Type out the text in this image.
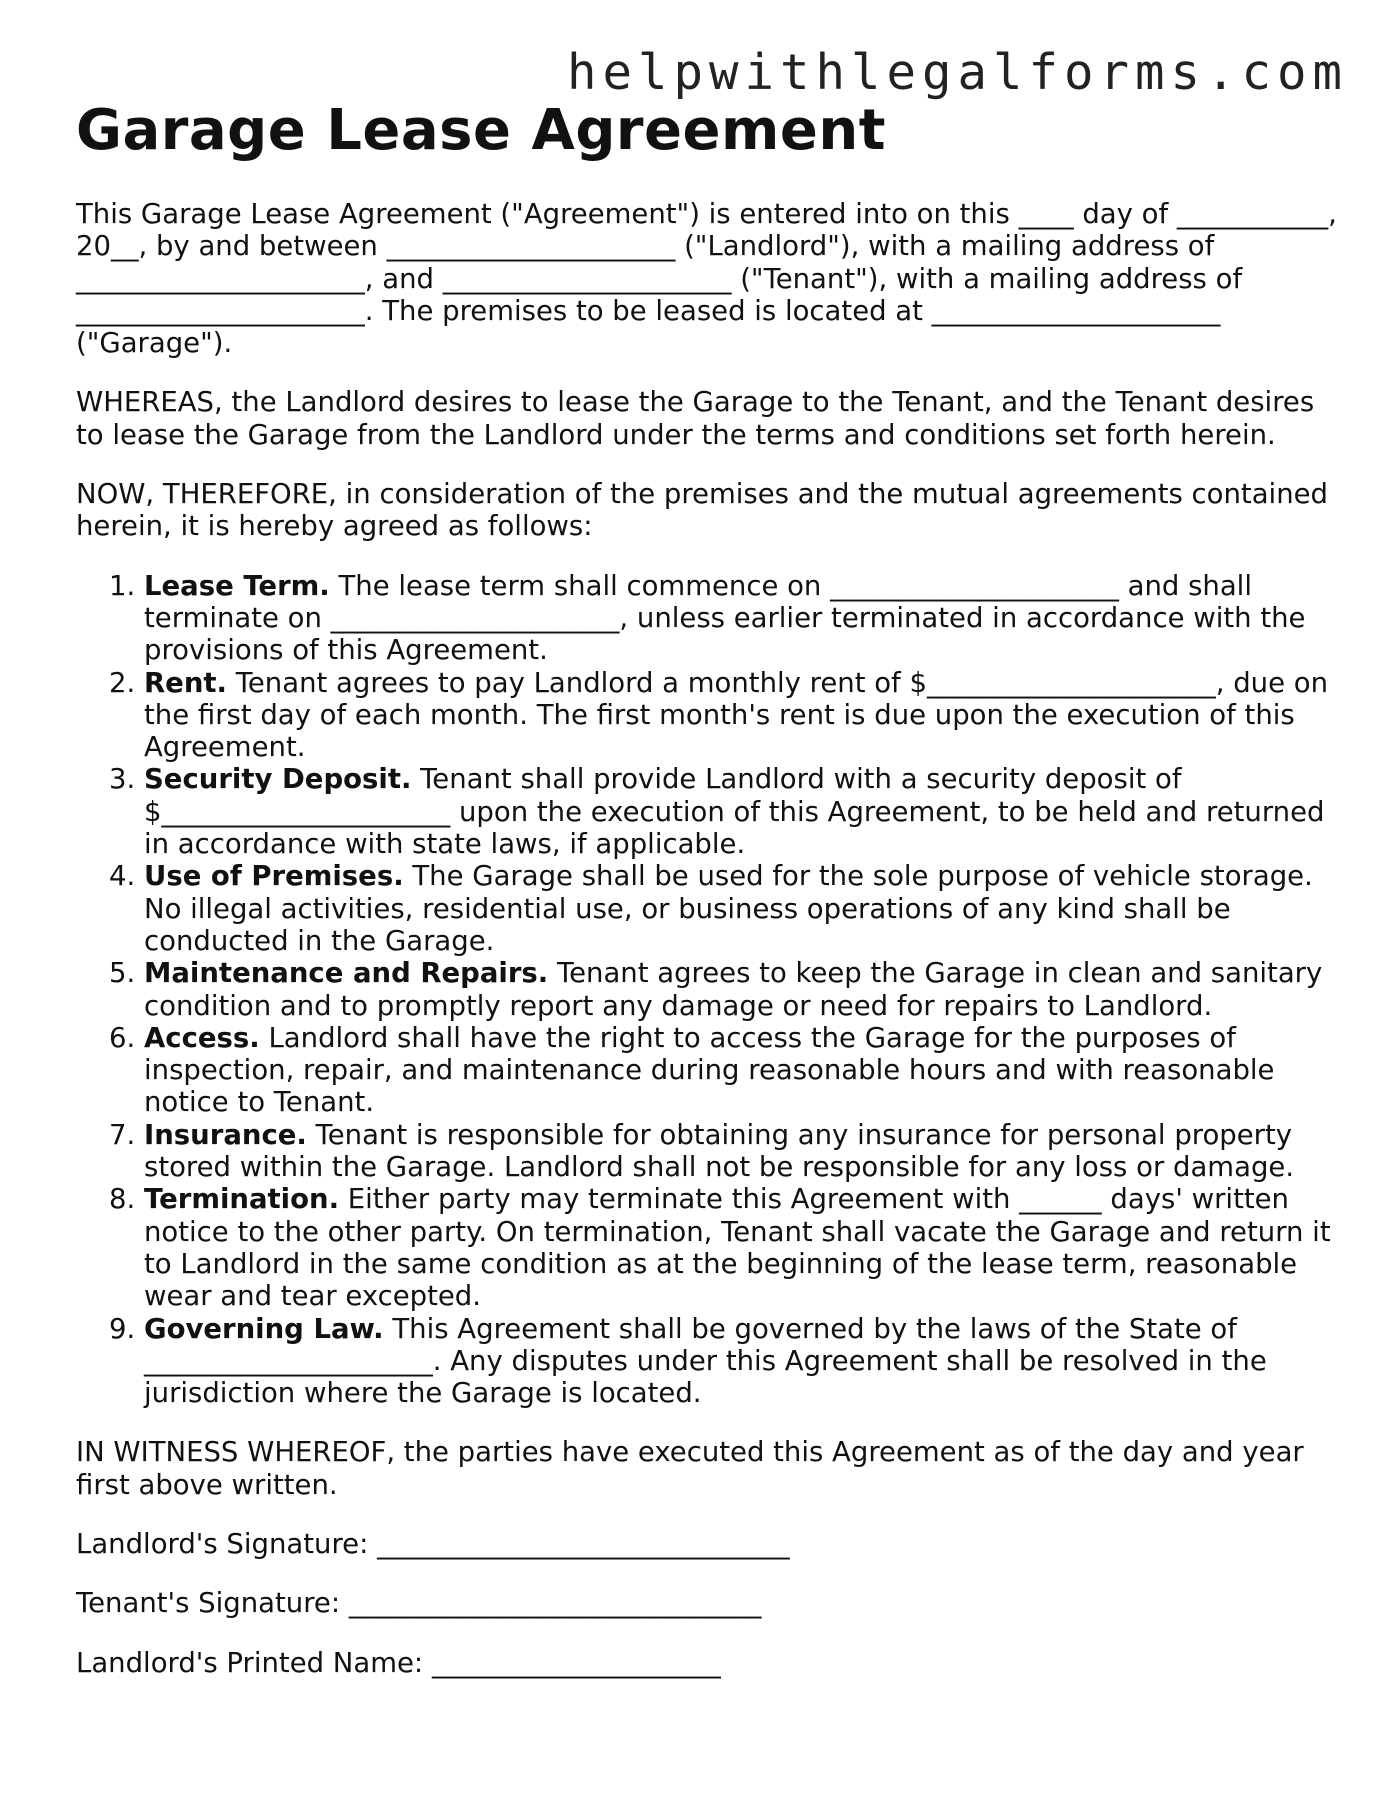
helpwithlegalforms.com
Garage Lease Agreement

This Garage Lease Agreement ("Agreement") is entered into on this ____ day of ___________, 20__, by and between _____________________ ("Landlord"), with a mailing address of _____________________, and _____________________ ("Tenant"), with a mailing address of _____________________. The premises to be leased is located at _____________________ ("Garage").

WHEREAS, the Landlord desires to lease the Garage to the Tenant, and the Tenant desires to lease the Garage from the Landlord under the terms and conditions set forth herein.

NOW, THEREFORE, in consideration of the premises and the mutual agreements contained herein, it is hereby agreed as follows:

1. Lease Term. The lease term shall commence on _____________________ and shall terminate on _____________________, unless earlier terminated in accordance with the provisions of this Agreement.
2. Rent. Tenant agrees to pay Landlord a monthly rent of $_____________________, due on the first day of each month. The first month's rent is due upon the execution of this Agreement.
3. Security Deposit. Tenant shall provide Landlord with a security deposit of $_____________________ upon the execution of this Agreement, to be held and returned in accordance with state laws, if applicable.
4. Use of Premises. The Garage shall be used for the sole purpose of vehicle storage. No illegal activities, residential use, or business operations of any kind shall be conducted in the Garage.
5. Maintenance and Repairs. Tenant agrees to keep the Garage in clean and sanitary condition and to promptly report any damage or need for repairs to Landlord.
6. Access. Landlord shall have the right to access the Garage for the purposes of inspection, repair, and maintenance during reasonable hours and with reasonable notice to Tenant.
7. Insurance. Tenant is responsible for obtaining any insurance for personal property stored within the Garage. Landlord shall not be responsible for any loss or damage.
8. Termination. Either party may terminate this Agreement with ______ days' written notice to the other party. On termination, Tenant shall vacate the Garage and return it to Landlord in the same condition as at the beginning of the lease term, reasonable wear and tear excepted.
9. Governing Law. This Agreement shall be governed by the laws of the State of _____________________. Any disputes under this Agreement shall be resolved in the jurisdiction where the Garage is located.

IN WITNESS WHEREOF, the parties have executed this Agreement as of the day and year first above written.

Landlord's Signature: ______________________________

Tenant's Signature: ______________________________

Landlord's Printed Name: _____________________
